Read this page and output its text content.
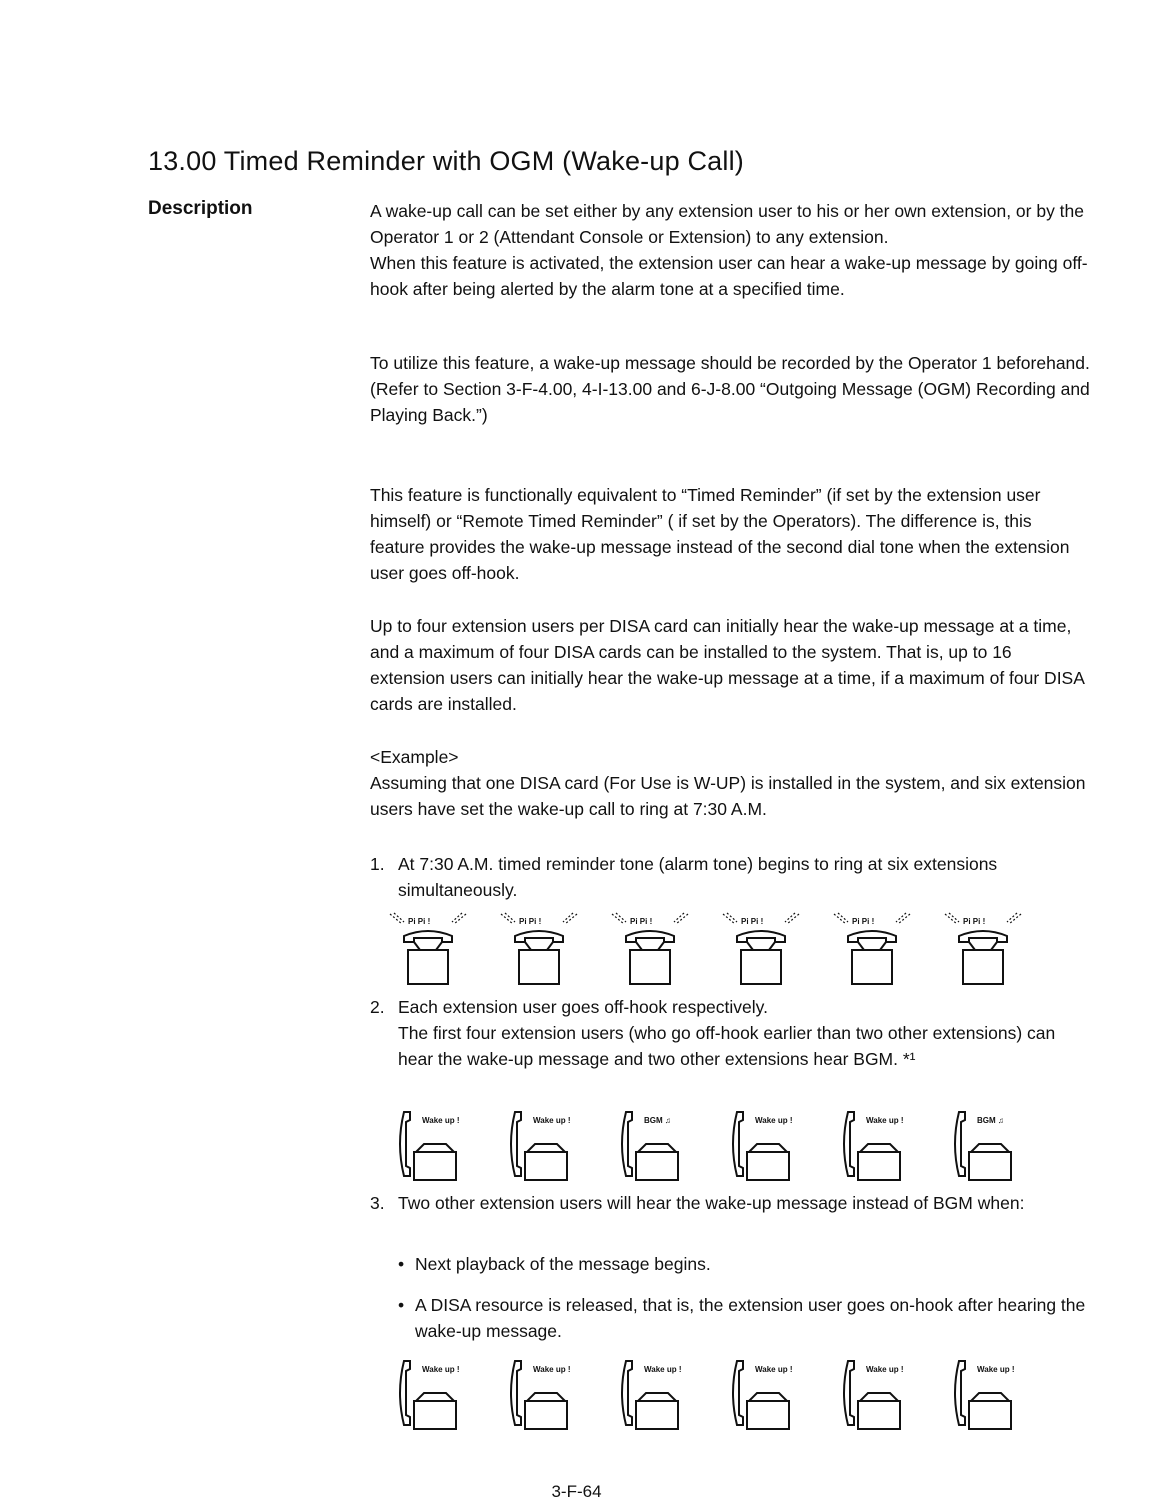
13.00 Timed Reminder with OGM (Wake-up Call)
Description	A wake-up call can be set either by any extension user to his or her own extension, or by the Operator 1 or 2 (Attendant Console or Extension) to any extension.

When this feature is activated, the extension user can hear a wake-up message by going off-hook after being alerted by the alarm tone at a specified time.

To utilize this feature, a wake-up message should be recorded by the Operator 1 beforehand.

(Refer to Section 3-F-4.00, 4-I-13.00 and 6-J-8.00 “Outgoing Message (OGM) Recording and Playing Back.”)

This feature is functionally equivalent to “Timed Reminder” (if set by the extension user himself) or “Remote Timed Reminder” ( if set by the Operators). The difference is, this feature provides the wake-up message instead of the second dial tone when the extension user goes off-hook.

Up to four extension users per DISA card can initially hear the wake-up message at a time, and a maximum of four DISA cards can be installed to the system. That is, up to 16 extension users can initially hear the wake-up message at a time, if a maximum of four DISA cards are installed.

<Example>

Assuming that one DISA card (For Use is W-UP) is installed in the system, and six extension users have set the wake-up call to ring at 7:30 A.M.

1. At 7:30 A.M. timed reminder tone (alarm tone) begins to ring at six extensions simultaneously.
Pi Pi !	Pi Pi !	Pi Pi !	Pi Pi !	Pi Pi !	Pi Pi !
2. Each extension user goes off-hook respectively.
The first four extension users (who go off-hook earlier than two other extensions) can hear the wake-up message and two other extensions hear BGM. *¹
Wake up !	Wake up !	BGM ♫	Wake up !	Wake up !	BGM ♫
3. Two other extension users will hear the wake-up message instead of BGM when:
• Next playback of the message begins.
• A DISA resource is released, that is, the extension user goes on-hook after hearing the wake-up message.
Wake up !	Wake up !	Wake up !	Wake up !	Wake up !	Wake up !
3-F-64
